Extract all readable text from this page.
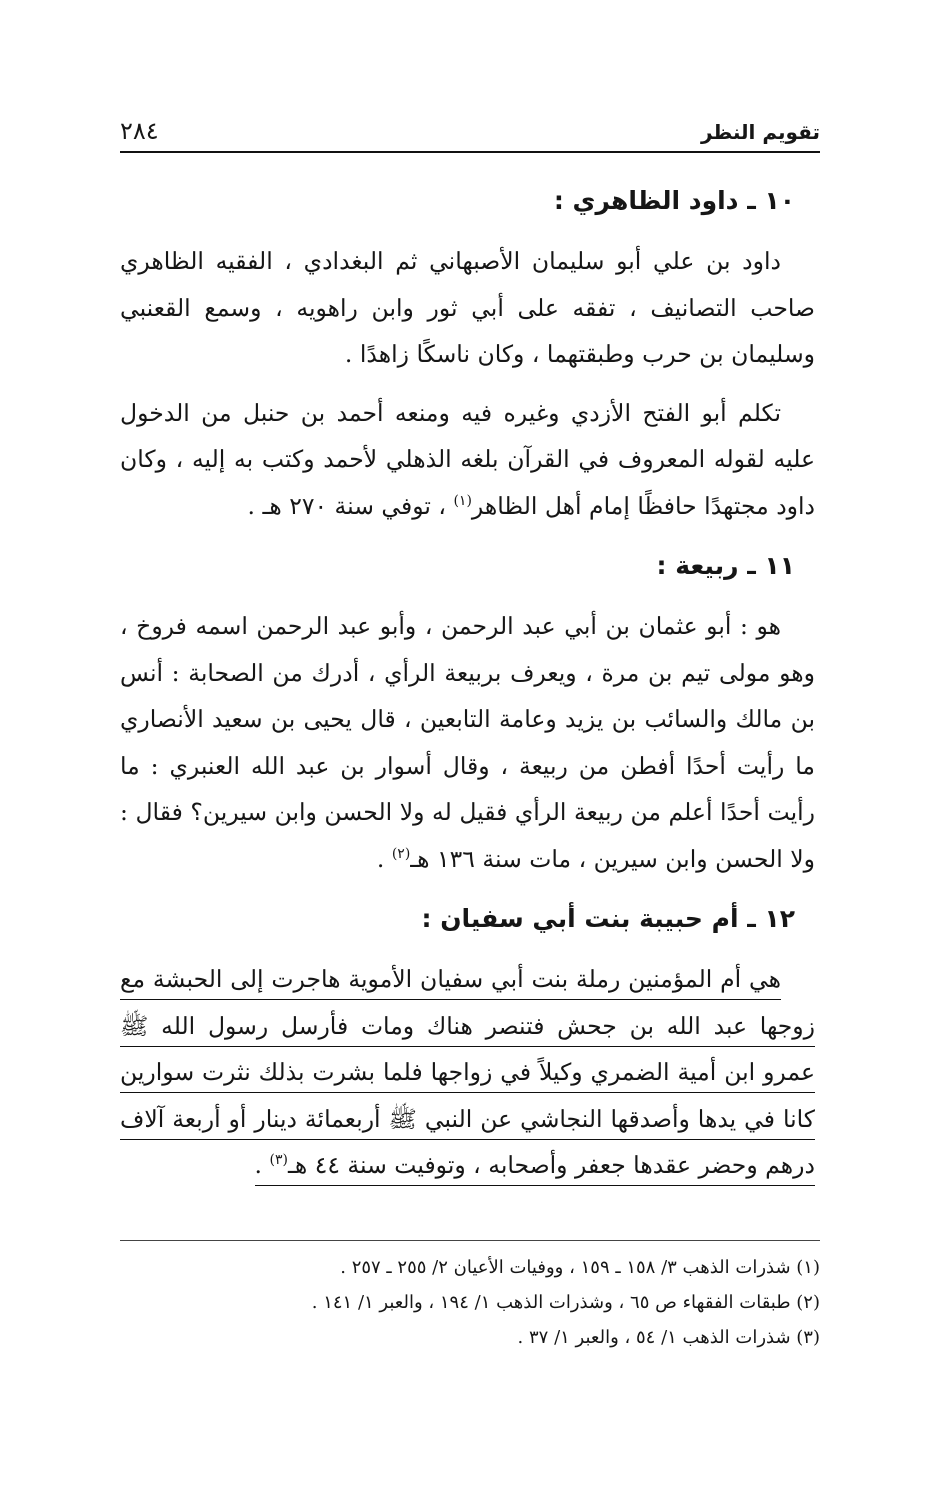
٢٨٤	تقويم النظر
١٠ ـ داود الظاهري :

داود بن علي أبو سليمان الأصبهاني ثم البغدادي ، الفقيه الظاهري صاحب التصانيف ، تفقه على أبي ثور وابن راهويه ، وسمع القعنبي وسليمان بن حرب وطبقتهما ، وكان ناسكًا زاهدًا .

تكلم أبو الفتح الأزدي وغيره فيه ومنعه أحمد بن حنبل من الدخول عليه لقوله المعروف في القرآن بلغه الذهلي لأحمد وكتب به إليه ، وكان داود مجتهدًا حافظًا إمام أهل الظاهر$^{(١)}$ ، توفي سنة ٢٧٠ هـ .

١١ ـ ربيعة :

هو : أبو عثمان بن أبي عبد الرحمن ، وأبو عبد الرحمن اسمه فروخ ، وهو مولى تيم بن مرة ، ويعرف بربيعة الرأي ، أدرك من الصحابة : أنس بن مالك والسائب بن يزيد وعامة التابعين ، قال يحيى بن سعيد الأنصاري ما رأيت أحدًا أفطن من ربيعة ، وقال أسوار بن عبد الله العنبري : ما رأيت أحدًا أعلم من ربيعة الرأي فقيل له ولا الحسن وابن سيرين؟ فقال : ولا الحسن وابن سيرين ، مات سنة ١٣٦ هـ$^{(٢)}$ .

١٢ ـ أم حبيبة بنت أبي سفيان :

هي أم المؤمنين رملة بنت أبي سفيان الأموية هاجرت إلى الحبشة مع زوجها عبد الله بن جحش فتنصر هناك ومات فأرسل رسول الله ﷺ عمرو ابن أمية الضمري وكيلاً في زواجها فلما بشرت بذلك نثرت سوارين كانا في يدها وأصدقها النجاشي عن النبي ﷺ أربعمائة دينار أو أربعة آلاف درهم وحضر عقدها جعفر وأصحابه ، وتوفيت سنة ٤٤ هـ$^{(٣)}$ .

(١) شذرات الذهب ٣/ ١٥٨ ـ ١٥٩ ، ووفيات الأعيان ٢/ ٢٥٥ ـ ٢٥٧ .

(٢) طبقات الفقهاء ص ٦٥ ، وشذرات الذهب ١/ ١٩٤ ، والعبر ١/ ١٤١ .

(٣) شذرات الذهب ١/ ٥٤ ، والعبر ١/ ٣٧ .
